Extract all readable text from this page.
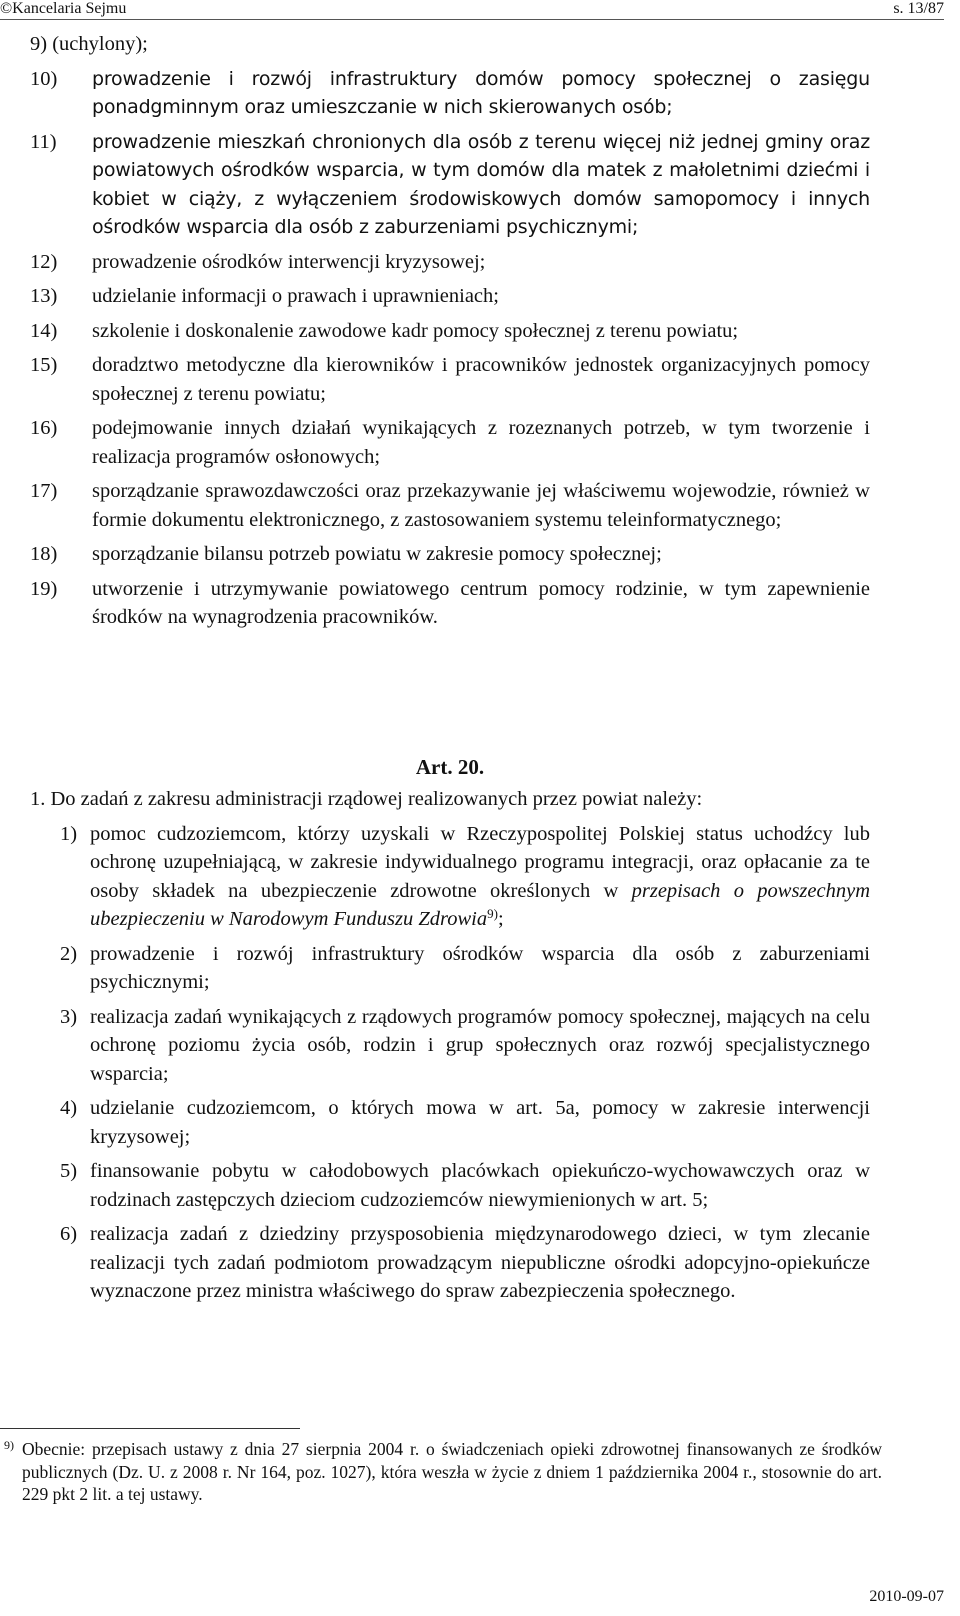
©Kancelaria Sejmu	s. 13/87
9) (uchylony);
10) prowadzenie i rozwój infrastruktury domów pomocy społecznej o zasięgu ponadgminnym oraz umieszczanie w nich skierowanych osób;
11) prowadzenie mieszkań chronionych dla osób z terenu więcej niż jednej gminy oraz powiatowych ośrodków wsparcia, w tym domów dla matek z małoletnimi dziećmi i kobiet w ciąży, z wyłączeniem środowiskowych domów samopomocy i innych ośrodków wsparcia dla osób z zaburzeniami psychicznymi;
12) prowadzenie ośrodków interwencji kryzysowej;
13) udzielanie informacji o prawach i uprawnieniach;
14) szkolenie i doskonalenie zawodowe kadr pomocy społecznej z terenu powiatu;
15) doradztwo metodyczne dla kierowników i pracowników jednostek organizacyjnych pomocy społecznej z terenu powiatu;
16) podejmowanie innych działań wynikających z rozeznanych potrzeb, w tym tworzenie i realizacja programów osłonowych;
17) sporządzanie sprawozdawczości oraz przekazywanie jej właściwemu wojewodzie, również w formie dokumentu elektronicznego, z zastosowaniem systemu teleinformatycznego;
18) sporządzanie bilansu potrzeb powiatu w zakresie pomocy społecznej;
19) utworzenie i utrzymywanie powiatowego centrum pomocy rodzinie, w tym zapewnienie środków na wynagrodzenia pracowników.
Art. 20.
1. Do zadań z zakresu administracji rządowej realizowanych przez powiat należy:
1) pomoc cudzoziemcom, którzy uzyskali w Rzeczypospolitej Polskiej status uchodźcy lub ochronę uzupełniającą, w zakresie indywidualnego programu integracji, oraz opłacanie za te osoby składek na ubezpieczenie zdrowotne określonych w przepisach o powszechnym ubezpieczeniu w Narodowym Funduszu Zdrowia$^{9)}$;
2) prowadzenie i rozwój infrastruktury ośrodków wsparcia dla osób z zaburzeniami psychicznymi;
3) realizacja zadań wynikających z rządowych programów pomocy społecznej, mających na celu ochronę poziomu życia osób, rodzin i grup społecznych oraz rozwój specjalistycznego wsparcia;
4) udzielanie cudzoziemcom, o których mowa w art. 5a, pomocy w zakresie interwencji kryzysowej;
5) finansowanie pobytu w całodobowych placówkach opiekuńczo-wychowawczych oraz w rodzinach zastępczych dzieciom cudzoziemców niewymienionych w art. 5;
6) realizacja zadań z dziedziny przysposobienia międzynarodowego dzieci, w tym zlecanie realizacji tych zadań podmiotom prowadzącym niepubliczne ośrodki adopcyjno-opiekuńcze wyznaczone przez ministra właściwego do spraw zabezpieczenia społecznego.
9) Obecnie: przepisach ustawy z dnia 27 sierpnia 2004 r. o świadczeniach opieki zdrowotnej finansowanych ze środków publicznych (Dz. U. z 2008 r. Nr 164, poz. 1027), która weszła w życie z dniem 1 października 2004 r., stosownie do art. 229 pkt 2 lit. a tej ustawy.
2010-09-07
